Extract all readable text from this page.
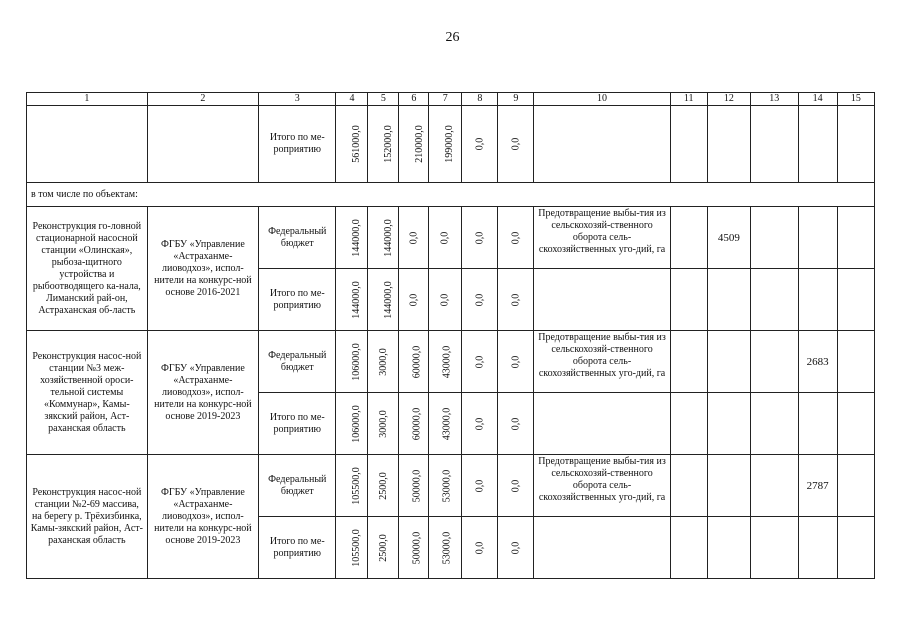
26
1	2	3	4	5	6	7	8	9	10	11	12	13	14	15
		Итого по ме-роприятию	561000,0	152000,0	210000,0	199000,0	0,0	0,0						
в том числе по объектам:														
Реконструкция го-ловной стационарной насосной станции «Олинская», рыбоза-щитного устройства и рыбоотводящего ка-нала, Лиманский рай-он, Астраханская об-ласть	ФГБУ «Управление «Астраханме-лиоводхоз», испол-нители на конкурс-ной основе 2016-2021	Федеральный бюджет	144000,0	144000,0	0,0	0,0	0,0	0,0	Предотвращение выбы-тия из сельскохозяй-ственного оборота сель-скохозяйственных уго-дий, га		4509			
		Итого по ме-роприятию	144000,0	144000,0	0,0	0,0	0,0	0,0						
Реконструкция насос-ной станции №3 меж-хозяйственной ороси-тельной системы «Коммунар», Камы-зякский район, Аст-раханская область	ФГБУ «Управление «Астраханме-лиоводхоз», испол-нители на конкурс-ной основе 2019-2023	Федеральный бюджет	106000,0	3000,0	60000,0	43000,0	0,0	0,0	Предотвращение выбы-тия из сельскохозяй-ственного оборота сель-скохозяйственных уго-дий, га				2683	
		Итого по ме-роприятию	106000,0	3000,0	60000,0	43000,0	0,0	0,0						
Реконструкция насос-ной станции №2-69 массива, на берегу р. Трёхизбинка, Камы-зякский район, Аст-раханская область	ФГБУ «Управление «Астраханме-лиоводхоз», испол-нители на конкурс-ной основе 2019-2023	Федеральный бюджет	105500,0	2500,0	50000,0	53000,0	0,0	0,0	Предотвращение выбы-тия из сельскохозяй-ственного оборота сель-скохозяйственных уго-дий, га				2787	
		Итого по ме-роприятию	105500,0	2500,0	50000,0	53000,0	0,0	0,0						
